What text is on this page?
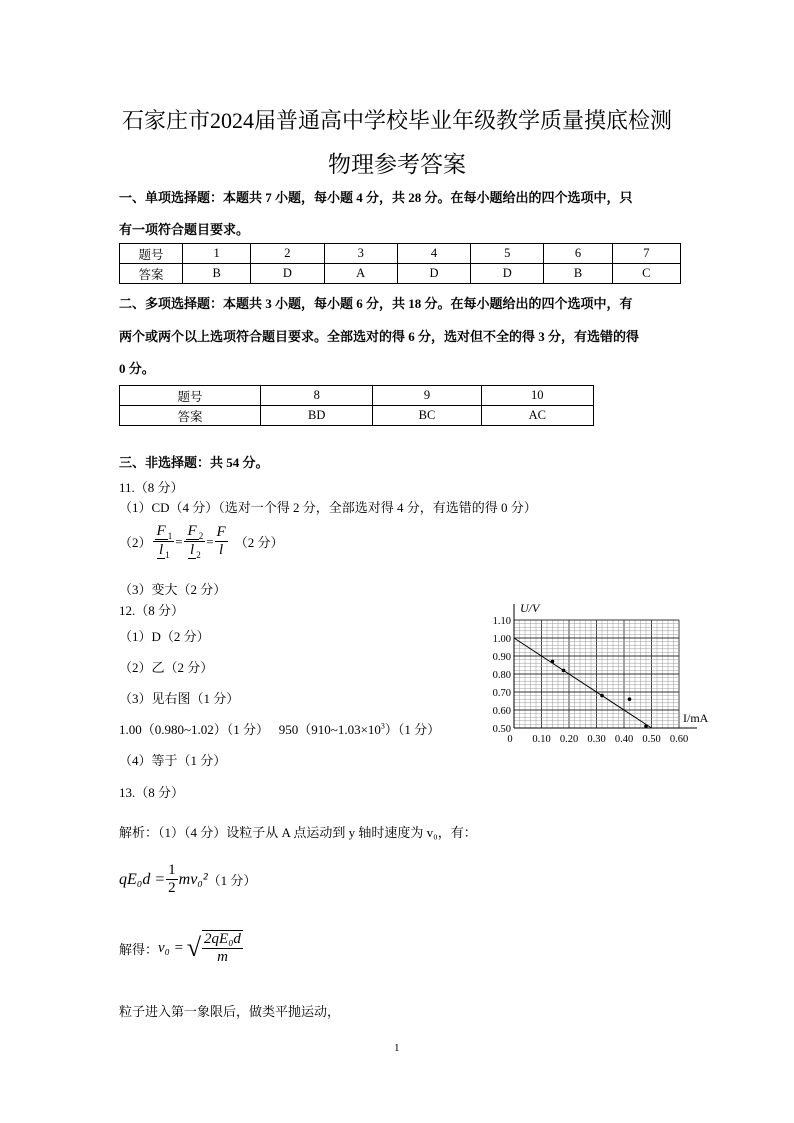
石家庄市2024届普通高中学校毕业年级教学质量摸底检测
物理参考答案
一、单项选择题：本题共 7 小题，每小题 4 分，共 28 分。在每小题给出的四个选项中，只
有一项符合题目要求。
题号	1	2	3	4	5	6	7
答案	B	D	A	D	D	B	C
二、多项选择题：本题共 3 小题，每小题 6 分，共 18 分。在每小题给出的四个选项中，有
两个或两个以上选项符合题目要求。全部选对的得 6 分，选对但不全的得 3 分，有选错的得
0 分。
题号	8	9	10
答案	BD	BC	AC
三、非选择题：共 54 分。
11.（8 分）
（1）CD（4 分）（选对一个得 2 分，全部选对得 4 分，有选错的得 0 分）
$(2) \frac{F _1}{l _1} = \frac{F _2}{l _2} = \frac{F}{l} (2$ 分）
（3）变大（2 分）
12.（8 分）
（1）D（2 分）
（2）乙（2 分）
（3）见右图（1 分）
1.00（0.980~1.02）（1 分） $950(910\sim 1.03\times 10^3)(1$ 分）
（4）等于（1 分）
U/V
I/mA
0.50
0.60
0.70
0.80
0.90
1.00
1.10
0 0.10 0.20 0.30 0.40 0.50 0.60
13.（8 分）
解析：（1）（4 分）设粒子从 A 点运动到 y 轴时速度为 v₀，有：
$qE_0d = \frac{1}{2} mv_0^2$ （1 分）
解得： v₀ = √ $\frac{\text{2qE₀d}}{m}$
粒子进入第一象限后，做类平抛运动，
1
